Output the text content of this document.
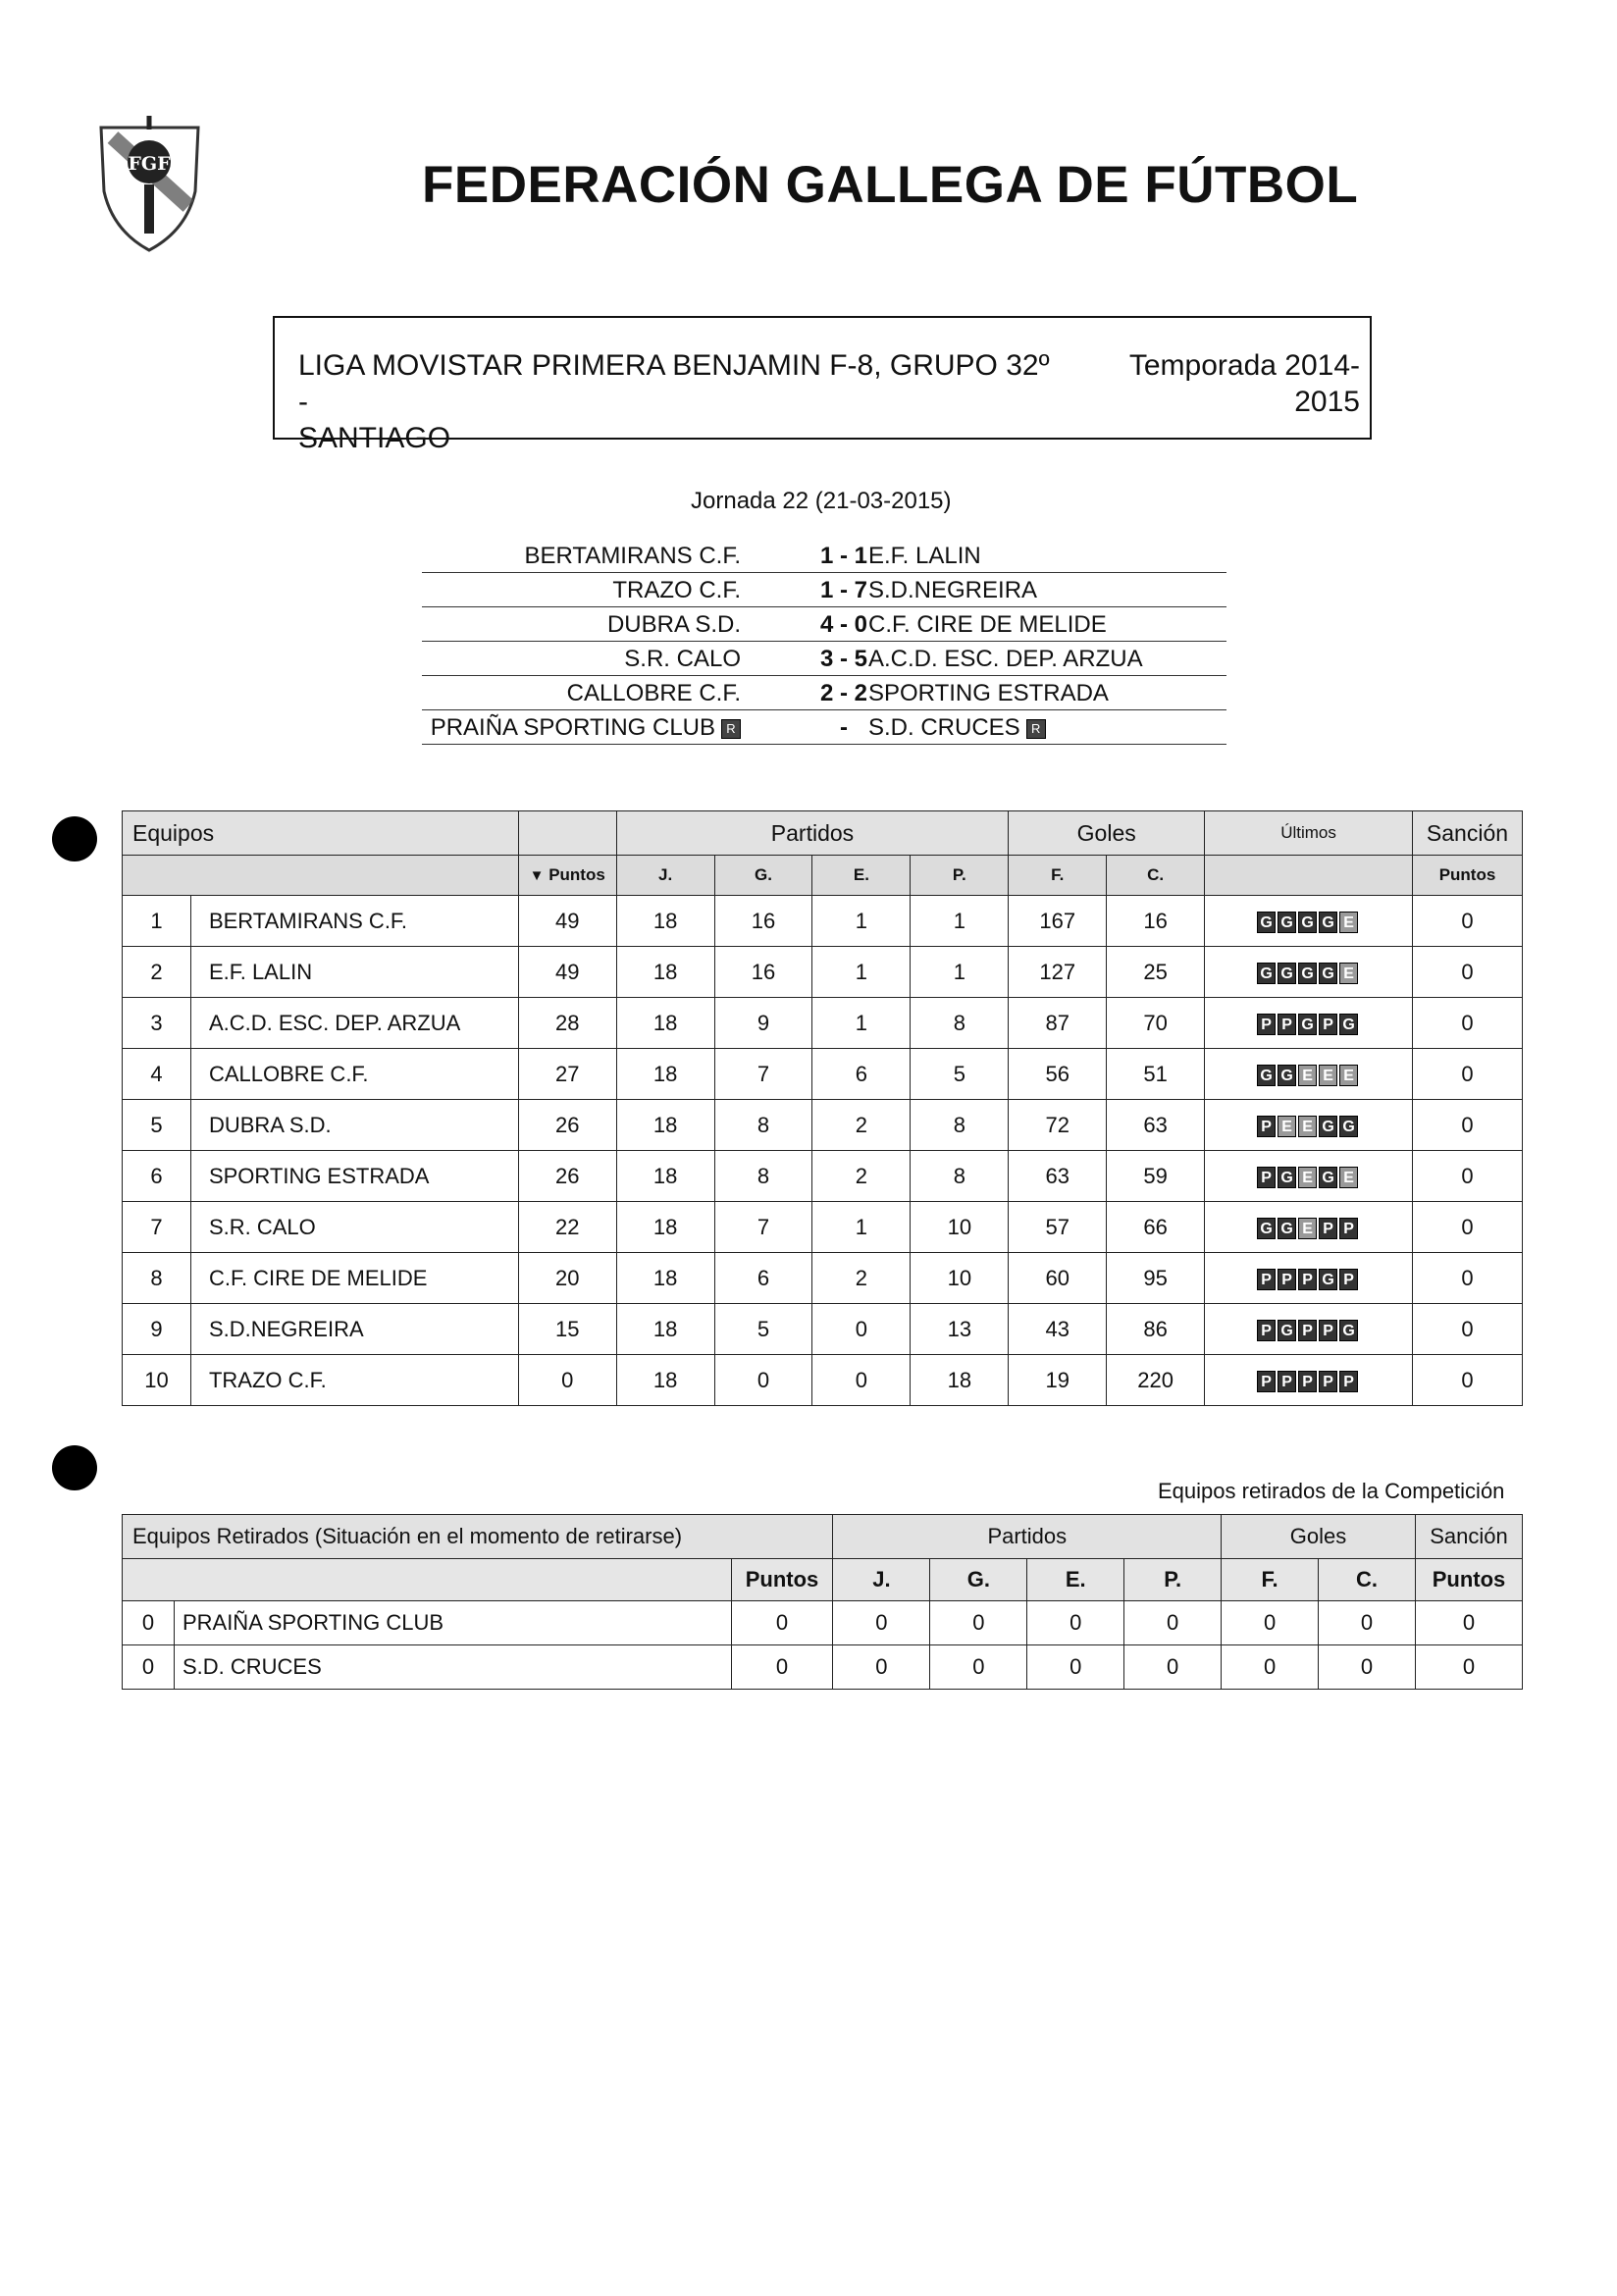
FGF	FEDERACIÓN GALLEGA DE FÚTBOL
LIGA MOVISTAR PRIMERA BENJAMIN F-8, GRUPO 32º -
SANTIAGO
Temporada 2014-
2015
Jornada 22 (21-03-2015)
BERTAMIRANS C.F.	1 - 1 E.F. LALIN
TRAZO C.F.	1 - 7 S.D.NEGREIRA
DUBRA S.D.	4 - 0 C.F. CIRE DE MELIDE
S.R. CALO	3 - 5 A.C.D. ESC. DEP. ARZUA
CALLOBRE C.F.	2 - 2 SPORTING ESTRADA
PRAIÑA SPORTING CLUB R	- S.D. CRUCES R
Equipos			Partidos				Goles		Últimos	Sanción
		▼ Puntos	J.	G.	E.	P.	F.	C.		Puntos
1	BERTAMIRANS C.F.	49	18	16	1	1	167	16	G G G G E	0
2	E.F. LALIN	49	18	16	1	1	127	25	G G G G E	0
3	A.C.D. ESC. DEP. ARZUA	28	18	9	1	8	87	70	P P G P G	0
4	CALLOBRE C.F.	27	18	7	6	5	56	51	G G E E E	0
5	DUBRA S.D.	26	18	8	2	8	72	63	P E E G G	0
6	SPORTING ESTRADA	26	18	8	2	8	63	59	P G E G E	0
7	S.R. CALO	22	18	7	1	10	57	66	G G E P P	0
8	C.F. CIRE DE MELIDE	20	18	6	2	10	60	95	P P P G P	0
9	S.D.NEGREIRA	15	18	5	0	13	43	86	P G P P G	0
10	TRAZO C.F.	0	18	0	0	18	19	220	P P P P P	0
Equipos retirados de la Competición
Equipos Retirados (Situación en el momento de retirarse)			Partidos				Goles		Sanción
		Puntos	J.	G.	E.	P.	F.	C.	Puntos
0	PRAIÑA SPORTING CLUB	0	0	0	0	0	0	0	0
0	S.D. CRUCES	0	0	0	0	0	0	0	0
